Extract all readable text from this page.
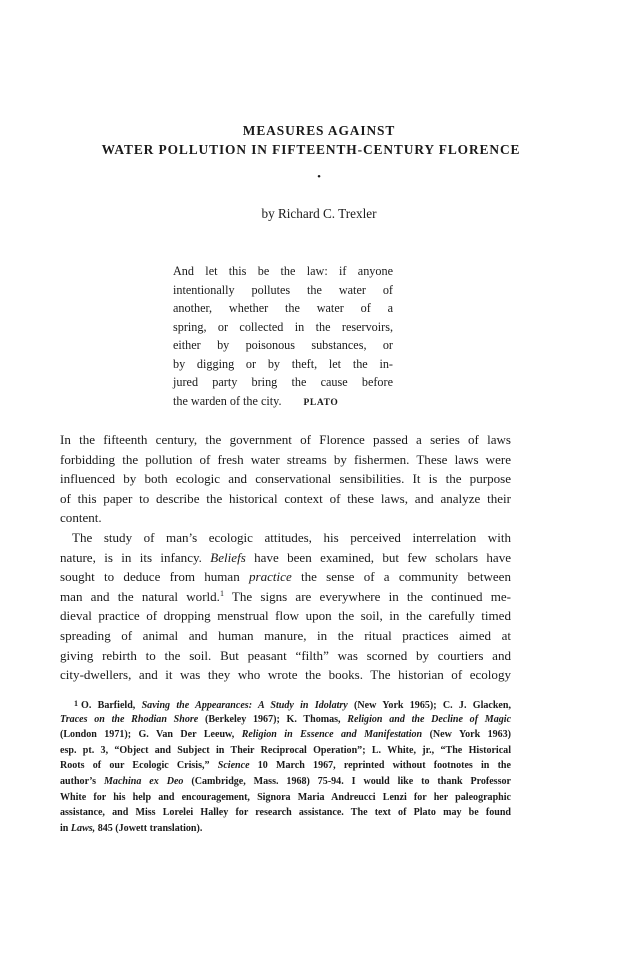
MEASURES AGAINST
WATER POLLUTION IN FIFTEENTH-CENTURY FLORENCE
•
by Richard C. Trexler
And let this be the law: if anyone
intentionally pollutes the water of
another, whether the water of a
spring, or collected in the reservoirs,
either by poisonous substances, or
by digging or by theft, let the in-
jured party bring the cause before
the warden of the city. PLATO
In the fifteenth century, the government of Florence passed a series of laws
forbidding the pollution of fresh water streams by fishermen. These laws were
influenced by both ecologic and conservational sensibilities. It is the purpose
of this paper to describe the historical context of these laws, and analyze their
content.
The study of man’s ecologic attitudes, his perceived interrelation with
nature, is in its infancy. Beliefs have been examined, but few scholars have
sought to deduce from human practice the sense of a community between
man and the natural world.$^1$ The signs are everywhere in the continued me-
dieval practice of dropping menstrual flow upon the soil, in the carefully timed
spreading of animal and human manure, in the ritual practices aimed at
giving rebirth to the soil. But peasant “filth” was scorned by courtiers and
city-dwellers, and it was they who wrote the books. The historian of ecology
1 O. Barfield, Saving the Appearances: A Study in Idolatry (New York 1965); C. J. Glacken,
Traces on the Rhodian Shore (Berkeley 1967); K. Thomas, Religion and the Decline of Magic
(London 1971); G. Van Der Leeuw, Religion in Essence and Manifestation (New York 1963)
esp. pt. 3, “Object and Subject in Their Reciprocal Operation”; L. White, jr., “The Historical
Roots of our Ecologic Crisis,” Science 10 March 1967, reprinted without footnotes in the
author’s Machina ex Deo (Cambridge, Mass. 1968) 75-94. I would like to thank Professor
White for his help and encouragement, Signora Maria Andreucci Lenzi for her paleographic
assistance, and Miss Lorelei Halley for research assistance. The text of Plato may be found
in Laws, 845 (Jowett translation).
